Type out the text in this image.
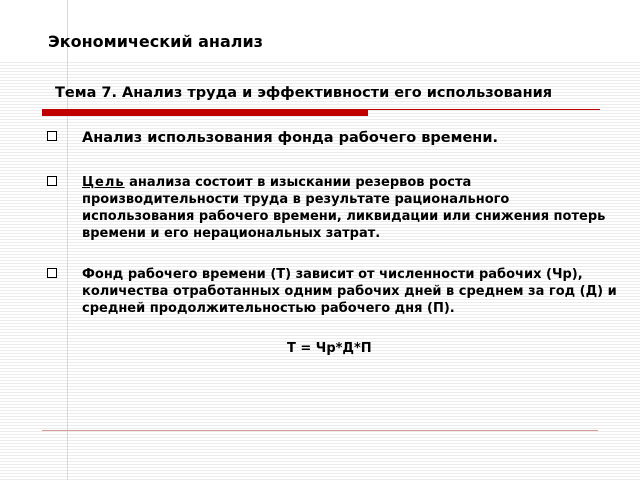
Экономический анализ
Тема 7. Анализ труда и эффективности его использования
Анализ использования фонда рабочего времени.
Цель анализа состоит в изыскании резервов роста производительности труда в результате рационального использования рабочего времени, ликвидации или снижения потерь времени и его нерациональных затрат.
Фонд рабочего времени (Т) зависит от численности рабочих (Чр), количества отработанных одним рабочих дней в среднем за год (Д) и средней продолжительностью рабочего дня (П).
Т = Чр*Д*П
